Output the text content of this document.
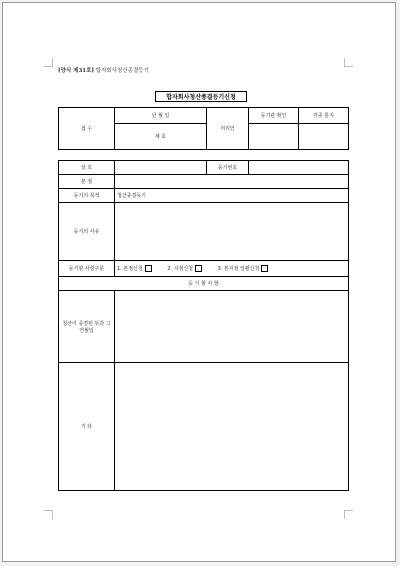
[양식 제31호] 합자회사청산종결등기
합자회사청산종결등기신청
접 수	년 월 일	처리인	등기관 확인	각종 통지
	제 호			
상 호		등기번호	
본 점			
등기의 목적	청산종결등기		
등기의 사유			
등기할 사항구분	1. 본점신청 2. 지점신청 3. 본지점 일괄신청		
등 기 할 사 항			
청산이 종결된 뜻과 그 연월일			
기 타			
